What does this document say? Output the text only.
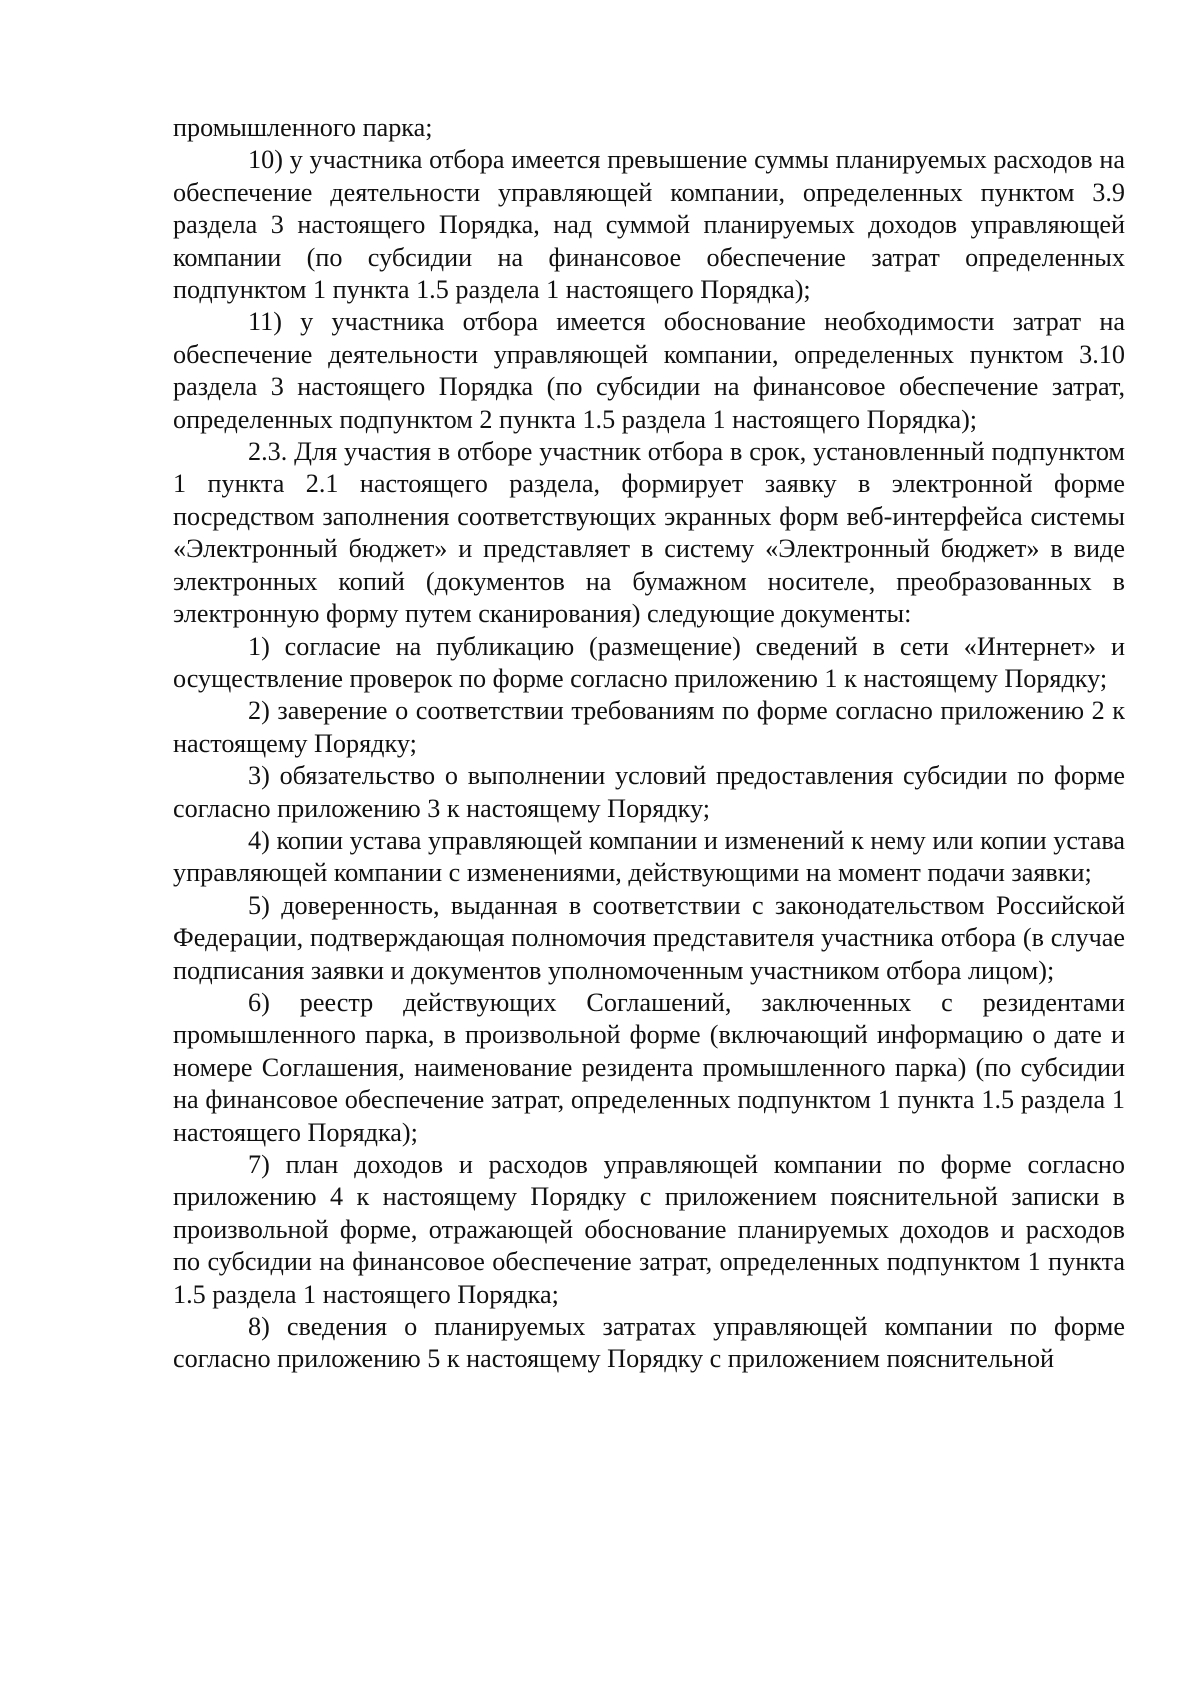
промышленного парка;

10) у участника отбора имеется превышение суммы планируемых расходов на обеспечение деятельности управляющей компании, определенных пунктом 3.9 раздела 3 настоящего Порядка, над суммой планируемых доходов управляющей компании (по субсидии на финансовое обеспечение затрат определенных подпунктом 1 пункта 1.5 раздела 1 настоящего Порядка);

11) у участника отбора имеется обоснование необходимости затрат на обеспечение деятельности управляющей компании, определенных пунктом 3.10 раздела 3 настоящего Порядка (по субсидии на финансовое обеспечение затрат, определенных подпунктом 2 пункта 1.5 раздела 1 настоящего Порядка);

2.3. Для участия в отборе участник отбора в срок, установленный подпунктом 1 пункта 2.1 настоящего раздела, формирует заявку в электронной форме посредством заполнения соответствующих экранных форм веб-интерфейса системы «Электронный бюджет» и представляет в систему «Электронный бюджет» в виде электронных копий (документов на бумажном носителе, преобразованных в электронную форму путем сканирования) следующие документы:

1) согласие на публикацию (размещение) сведений в сети «Интернет» и осуществление проверок по форме согласно приложению 1 к настоящему Порядку;

2) заверение о соответствии требованиям по форме согласно приложению 2 к настоящему Порядку;

3) обязательство о выполнении условий предоставления субсидии по форме согласно приложению 3 к настоящему Порядку;

4) копии устава управляющей компании и изменений к нему или копии устава управляющей компании с изменениями, действующими на момент подачи заявки;

5) доверенность, выданная в соответствии с законодательством Российской Федерации, подтверждающая полномочия представителя участника отбора (в случае подписания заявки и документов уполномоченным участником отбора лицом);

6) реестр действующих Соглашений, заключенных с резидентами промышленного парка, в произвольной форме (включающий информацию о дате и номере Соглашения, наименование резидента промышленного парка) (по субсидии на финансовое обеспечение затрат, определенных подпунктом 1 пункта 1.5 раздела 1 настоящего Порядка);

7) план доходов и расходов управляющей компании по форме согласно приложению 4 к настоящему Порядку с приложением пояснительной записки в произвольной форме, отражающей обоснование планируемых доходов и расходов по субсидии на финансовое обеспечение затрат, определенных подпунктом 1 пункта 1.5 раздела 1 настоящего Порядка;

8) сведения о планируемых затратах управляющей компании по форме согласно приложению 5 к настоящему Порядку с приложением пояснительной
